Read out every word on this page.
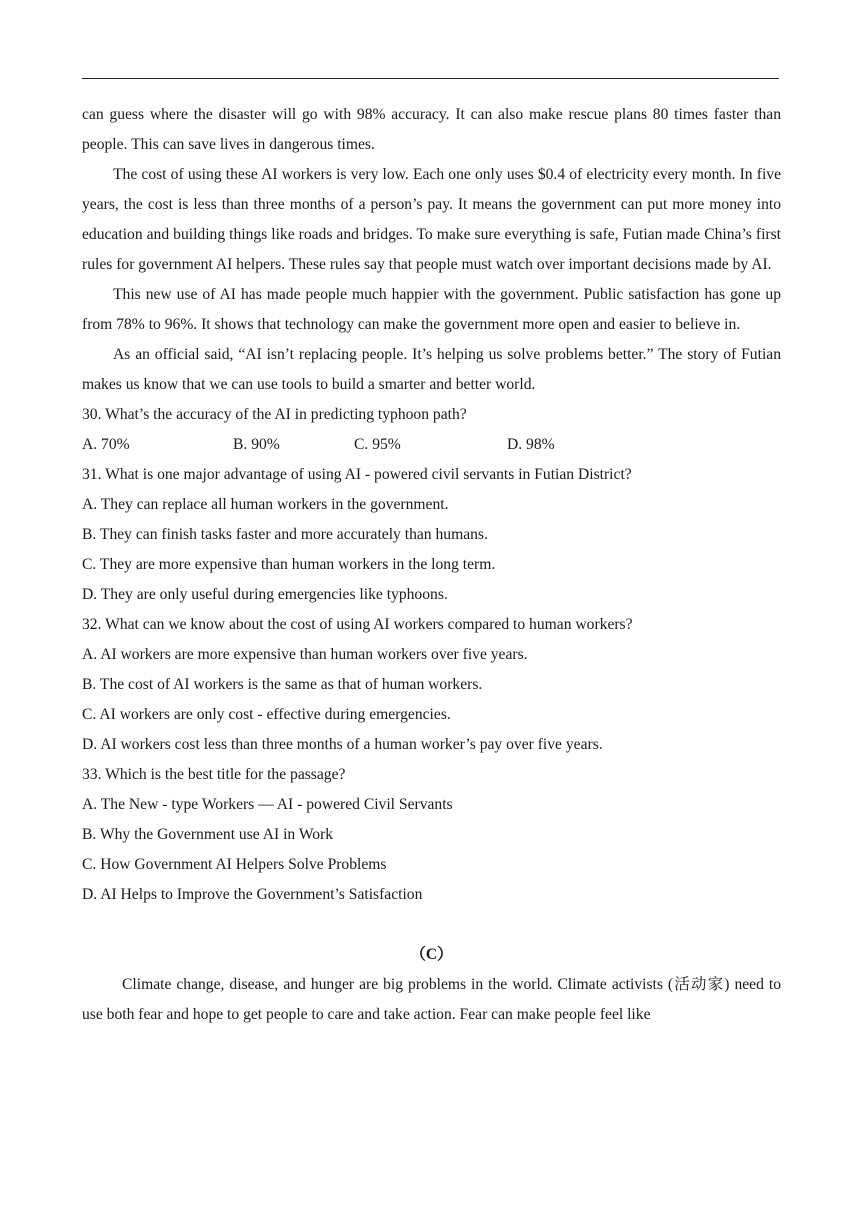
can guess where the disaster will go with 98% accuracy. It can also make rescue plans 80 times faster than people. This can save lives in dangerous times.

The cost of using these AI workers is very low. Each one only uses $0.4 of electricity every month. In five years, the cost is less than three months of a person’s pay. It means the government can put more money into education and building things like roads and bridges. To make sure everything is safe, Futian made China’s first rules for government AI helpers. These rules say that people must watch over important decisions made by AI.

This new use of AI has made people much happier with the government. Public satisfaction has gone up from 78% to 96%. It shows that technology can make the government more open and easier to believe in.

As an official said, “AI isn’t replacing people. It’s helping us solve problems better.” The story of Futian makes us know that we can use tools to build a smarter and better world.

30. What’s the accuracy of the AI in predicting typhoon path?

A. 70%	B. 90%	C. 95%	D. 98%

31. What is one major advantage of using AI - powered civil servants in Futian District?

A. They can replace all human workers in the government.

B. They can finish tasks faster and more accurately than humans.

C. They are more expensive than human workers in the long term.

D. They are only useful during emergencies like typhoons.

32. What can we know about the cost of using AI workers compared to human workers?

A. AI workers are more expensive than human workers over five years.

B. The cost of AI workers is the same as that of human workers.

C. AI workers are only cost - effective during emergencies.

D. AI workers cost less than three months of a human worker’s pay over five years.

33. Which is the best title for the passage?

A. The New - type Workers — AI - powered Civil Servants

B. Why the Government use AI in Work

C. How Government AI Helpers Solve Problems

D. AI Helps to Improve the Government’s Satisfaction

（C）

Climate change, disease, and hunger are big problems in the world. Climate activists (活动家) need to use both fear and hope to get people to care and take action. Fear can make people feel like
